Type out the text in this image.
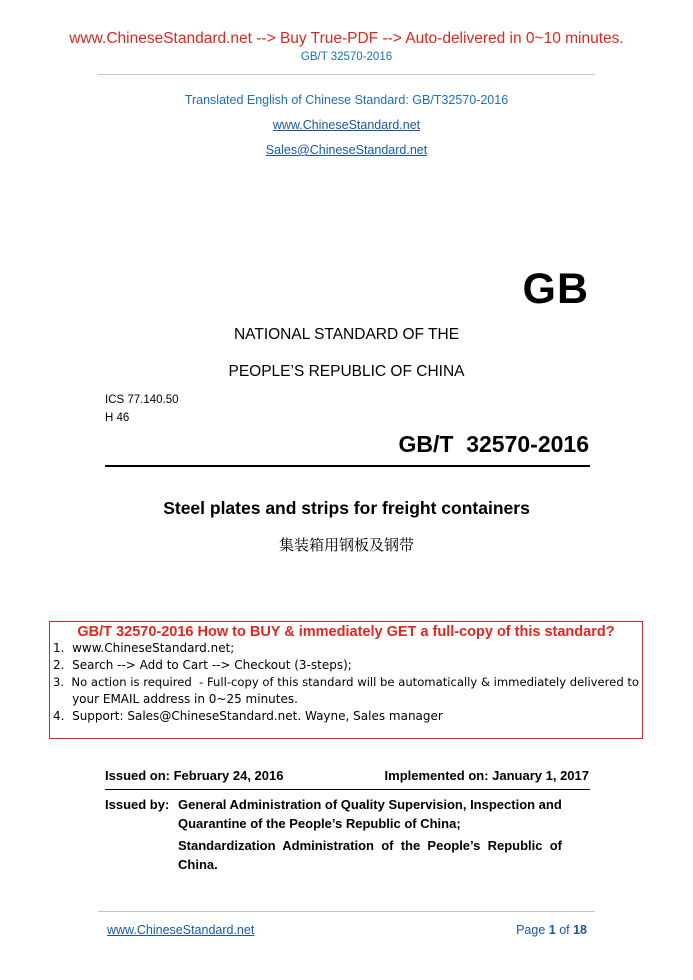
www.ChineseStandard.net --> Buy True-PDF --> Auto-delivered in 0~10 minutes.
GB/T 32570-2016
Translated English of Chinese Standard: GB/T32570-2016
www.ChineseStandard.net
Sales@ChineseStandard.net
GB
NATIONAL STANDARD OF THE
PEOPLE’S REPUBLIC OF CHINA
ICS 77.140.50
H 46
GB/T  32570-2016
Steel plates and strips for freight containers
集装箱用钢板及钢带
GB/T 32570-2016 How to BUY & immediately GET a full-copy of this standard?
1.  www.ChineseStandard.net;
2.  Search --> Add to Cart --> Checkout (3-steps);
3.  No action is required  - Full-copy of this standard will be automatically & immediately delivered to
your EMAIL address in 0~25 minutes.
4.  Support: Sales@ChineseStandard.net. Wayne, Sales manager
Issued on: February 24, 2016	Implemented on: January 1, 2017
Issued by: General Administration of Quality Supervision, Inspection and
Quarantine of the People’s Republic of China;
Standardization  Administration  of  the  People’s  Republic  of
China.
www.ChineseStandard.net	Page 1 of 18
